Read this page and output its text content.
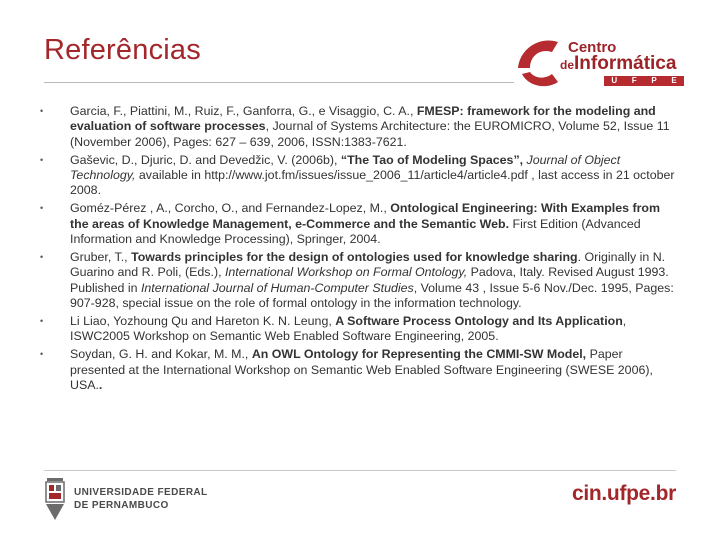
Referências	Centro
deInformática
U F P E
•	Garcia, F., Piattini, M., Ruiz, F., Ganforra, G., e Visaggio, C. A., FMESP: framework for the modeling and evaluation of software processes, Journal of Systems Architecture: the EUROMICRO, Volume 52, Issue 11 (November 2006), Pages: 627 – 639, 2006, ISSN:1383-7621.
•	Gaševic, D., Djuric, D. and Devedžic, V. (2006b), “The Tao of Modeling Spaces”, Journal of Object Technology, available in http://www.jot.fm/issues/issue_2006_11/article4/article4.pdf , last access in 21 october 2008.
•	Goméz-Pérez , A., Corcho, O., and Fernandez-Lopez, M., Ontological Engineering: With Examples from the areas of Knowledge Management, e-Commerce and the Semantic Web. First Edition (Advanced Information and Knowledge Processing), Springer, 2004.
•	Gruber, T., Towards principles for the design of ontologies used for knowledge sharing. Originally in N. Guarino and R. Poli, (Eds.), International Workshop on Formal Ontology, Padova, Italy. Revised August 1993. Published in International Journal of Human-Computer Studies, Volume 43 , Issue 5-6 Nov./Dec. 1995, Pages: 907-928, special issue on the role of formal ontology in the information technology.
•	Li Liao, Yozhoung Qu and Hareton K. N. Leung, A Software Process Ontology and Its Application, ISWC2005 Workshop on Semantic Web Enabled Software Engineering, 2005.
•	Soydan, G. H. and Kokar, M. M., An OWL Ontology for Representing the CMMI-SW Model, Paper presented at the International Workshop on Semantic Web Enabled Software Engineering (SWESE 2006), USA..
UNIVERSIDADE FEDERAL
DE PERNAMBUCO
cin.ufpe.br
